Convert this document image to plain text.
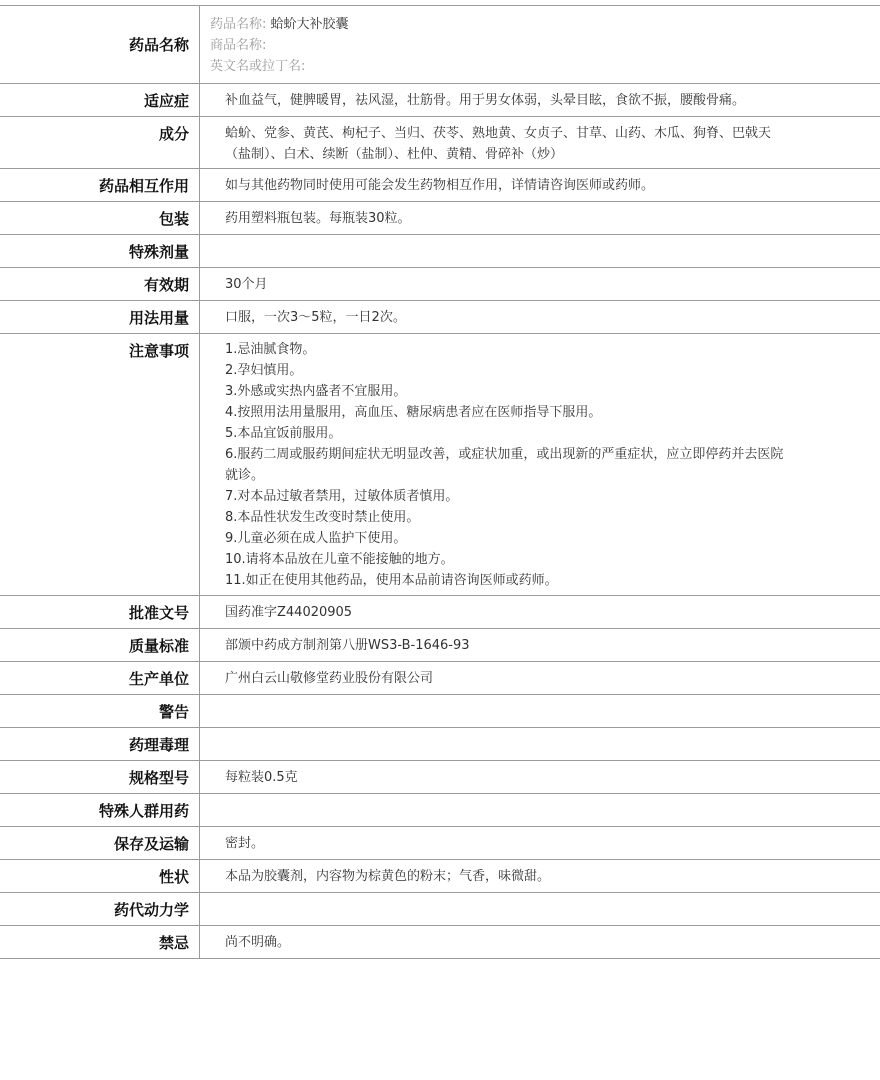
药品名称
药品名称: 蛤蚧大补胶囊
商品名称:
英文名或拉丁名:
适应症	补血益气，健脾暖胃，祛风湿，壮筋骨。用于男女体弱，头晕目眩，食欲不振，腰酸骨痛。
成分	蛤蚧、党参、黄芪、枸杞子、当归、茯苓、熟地黄、女贞子、甘草、山药、木瓜、狗脊、巴戟天（盐制）、白术、续断（盐制）、杜仲、黄精、骨碎补（炒）
药品相互作用	如与其他药物同时使用可能会发生药物相互作用，详情请咨询医师或药师。
包装	药用塑料瓶包装。每瓶装30粒。
特殊剂量
有效期	30个月
用法用量	口服，一次3～5粒，一日2次。
注意事项	1.忌油腻食物。
2.孕妇慎用。
3.外感或实热内盛者不宜服用。
4.按照用法用量服用，高血压、糖尿病患者应在医师指导下服用。
5.本品宜饭前服用。
6.服药二周或服药期间症状无明显改善，或症状加重，或出现新的严重症状，应立即停药并去医院就诊。
7.对本品过敏者禁用，过敏体质者慎用。
8.本品性状发生改变时禁止使用。
9.儿童必须在成人监护下使用。
10.请将本品放在儿童不能接触的地方。
11.如正在使用其他药品，使用本品前请咨询医师或药师。
批准文号	国药准字Z44020905
质量标准	部颁中药成方制剂第八册WS3-B-1646-93
生产单位	广州白云山敬修堂药业股份有限公司
警告
药理毒理
规格型号	每粒装0.5克
特殊人群用药
保存及运输	密封。
性状	本品为胶囊剂，内容物为棕黄色的粉末；气香，味微甜。
药代动力学
禁忌	尚不明确。
